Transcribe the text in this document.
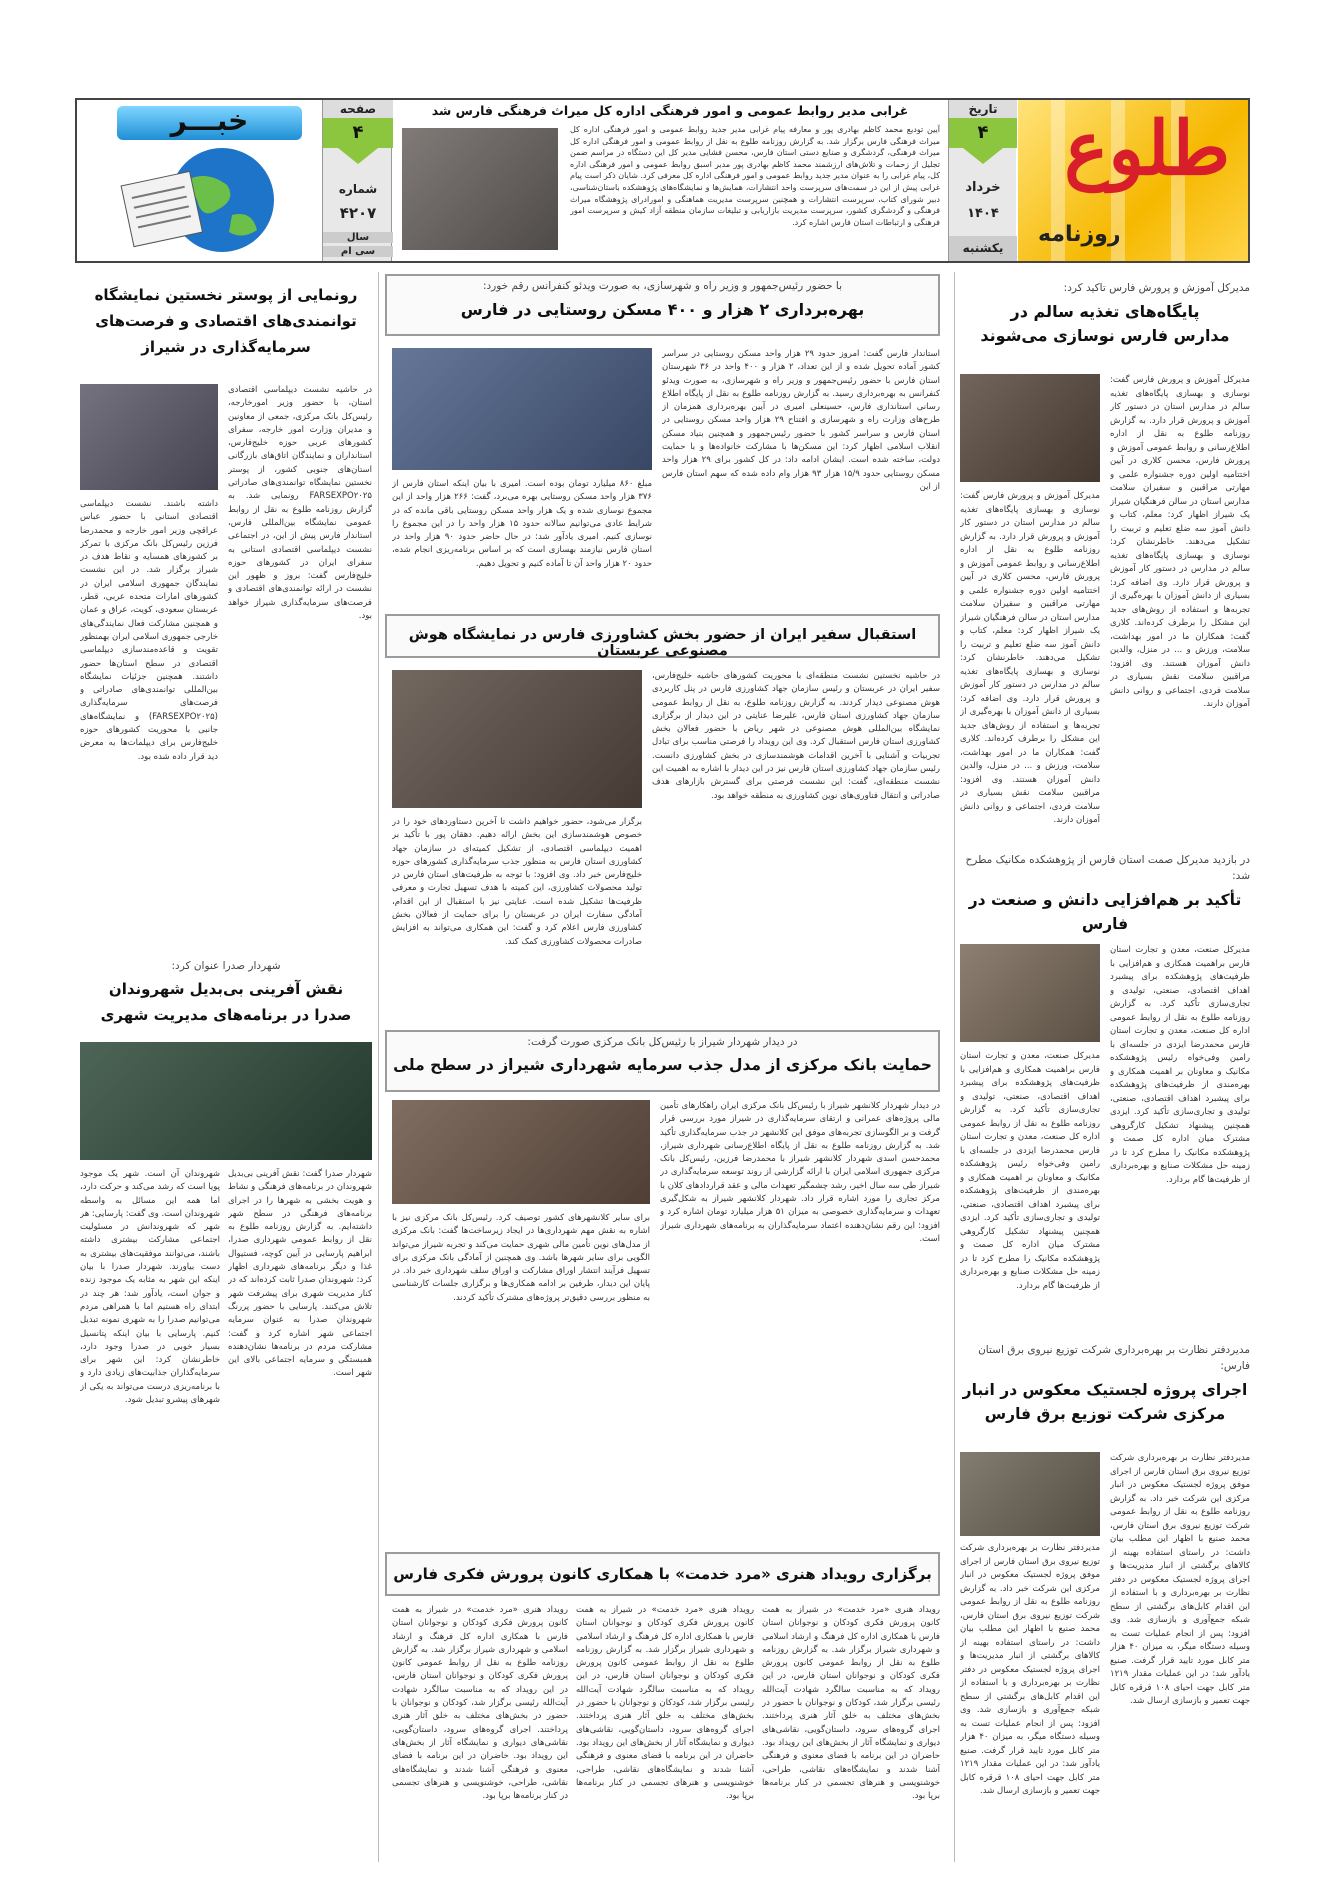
طلوع
روزنامه
تاریخ
۴
خرداد
۱۴۰۴
یکشنبه
غرابی مدیر روابط عمومی و امور فرهنگی اداره کل میراث فرهنگی فارس شد
آیین تودیع محمد کاظم بهادری پور و معارفه پیام غرابی مدیر جدید روابط عمومی و امور فرهنگی اداره کل میراث فرهنگی فارس برگزار شد. به گزارش روزنامه طلوع به نقل از روابط عمومی و امور فرهنگی اداره کل میراث فرهنگی، گردشگری و صنایع دستی استان فارس، محسن فشایی مدیر کل این دستگاه در مراسم ضمن تجلیل از زحمات و تلاش‌های ارزشمند محمد کاظم بهادری پور مدیر اسبق روابط عمومی و امور فرهنگی اداره کل، پیام غرابی را به عنوان مدیر جدید روابط عمومی و امور فرهنگی اداره کل معرفی کرد. شایان ذکر است پیام غرابی پیش از این در سمت‌های سرپرست واحد انتشارات، همایش‌ها و نمایشگاه‌های پژوهشکده باستان‌شناسی، دبیر شورای کتاب، سرپرست انتشارات و همچنین سرپرست مدیریت هماهنگی و امورادرای پژوهشگاه میراث فرهنگی و گردشگری کشور، سرپرست مدیریت بازاریابی و تبلیغات سازمان منطقه آزاد کیش و سرپرست امور فرهنگی و ارتباطات استان فارس اشاره کرد.
صفحه
۴
شماره
۴۲۰۷
سال
سی ام
خبـــر
مدیرکل آموزش و پرورش فارس تاکید کرد:
پایگاه‌های تغذیه سالم در مدارس فارس نوسازی می‌شوند
مدیرکل آموزش و پرورش فارس گفت: نوسازی و بهسازی پایگاه‌های تغذیه سالم در مدارس استان در دستور کار آموزش و پرورش قرار دارد. به گزارش روزنامه طلوع به نقل از اداره اطلاع‌رسانی و روابط عمومی آموزش و پرورش فارس، محسن کلاری در آیین اختتامیه اولین دوره جشنواره علمی و مهارتی مراقبین و سفیران سلامت مدارس استان در سالن فرهنگیان شیراز یک شیراز اظهار کرد: معلم، کتاب و دانش آموز سه ضلع تعلیم و تربیت را تشکیل می‌دهند. خاطرنشان کرد: نوسازی و بهسازی پایگاه‌های تغذیه سالم در مدارس در دستور کار آموزش و پرورش قرار دارد. وی اضافه کرد: بسیاری از دانش آموزان با بهره‌گیری از تجربه‌ها و استفاده از روش‌های جدید این مشکل را برطرف کرده‌اند. کلاری گفت: همکاران ما در امور بهداشت، سلامت، ورزش و ... در منزل، والدین دانش آموزان هستند. وی افزود: مراقبین سلامت نقش بسیاری در سلامت فردی، اجتماعی و روانی دانش آموزان دارند.
مدیرکل آموزش و پرورش فارس گفت: نوسازی و بهسازی پایگاه‌های تغذیه سالم در مدارس استان در دستور کار آموزش و پرورش قرار دارد. به گزارش روزنامه طلوع به نقل از اداره اطلاع‌رسانی و روابط عمومی آموزش و پرورش فارس، محسن کلاری در آیین اختتامیه اولین دوره جشنواره علمی و مهارتی مراقبین و سفیران سلامت مدارس استان در سالن فرهنگیان شیراز یک شیراز اظهار کرد: معلم، کتاب و دانش آموز سه ضلع تعلیم و تربیت را تشکیل می‌دهند. خاطرنشان کرد: نوسازی و بهسازی پایگاه‌های تغذیه سالم در مدارس در دستور کار آموزش و پرورش قرار دارد. وی اضافه کرد: بسیاری از دانش آموزان با بهره‌گیری از تجربه‌ها و استفاده از روش‌های جدید این مشکل را برطرف کرده‌اند. کلاری گفت: همکاران ما در امور بهداشت، سلامت، ورزش و ... در منزل، والدین دانش آموزان هستند. وی افزود: مراقبین سلامت نقش بسیاری در سلامت فردی، اجتماعی و روانی دانش آموزان دارند.
در بازدید مدیرکل صمت استان فارس از پژوهشکده مکانیک مطرح شد:
تأکید بر هم‌افزایی دانش و صنعت در فارس
مدیرکل صنعت، معدن و تجارت استان فارس براهمیت همکاری و هم‌افزایی با ظرفیت‌های پژوهشکده برای پیشبرد اهداف اقتصادی، صنعتی، تولیدی و تجاری‌سازی تأکید کرد. به گزارش روزنامه طلوع به نقل از روابط عمومی اداره کل صنعت، معدن و تجارت استان فارس محمدرضا ایزدی در جلسه‌ای با رامین وفی‌خواه رئیس پژوهشکده مکانیک و معاونان بر اهمیت همکاری و بهره‌مندی از ظرفیت‌های پژوهشکده برای پیشبرد اهداف اقتصادی، صنعتی، تولیدی و تجاری‌سازی تأکید کرد. ایزدی همچنین پیشنهاد تشکیل کارگروهی مشترک میان اداره کل صمت و پژوهشکده مکانیک را مطرح کرد تا در زمینه حل مشکلات صنایع و بهره‌برداری از ظرفیت‌ها گام بردارد.
مدیرکل صنعت، معدن و تجارت استان فارس براهمیت همکاری و هم‌افزایی با ظرفیت‌های پژوهشکده برای پیشبرد اهداف اقتصادی، صنعتی، تولیدی و تجاری‌سازی تأکید کرد. به گزارش روزنامه طلوع به نقل از روابط عمومی اداره کل صنعت، معدن و تجارت استان فارس محمدرضا ایزدی در جلسه‌ای با رامین وفی‌خواه رئیس پژوهشکده مکانیک و معاونان بر اهمیت همکاری و بهره‌مندی از ظرفیت‌های پژوهشکده برای پیشبرد اهداف اقتصادی، صنعتی، تولیدی و تجاری‌سازی تأکید کرد. ایزدی همچنین پیشنهاد تشکیل کارگروهی مشترک میان اداره کل صمت و پژوهشکده مکانیک را مطرح کرد تا در زمینه حل مشکلات صنایع و بهره‌برداری از ظرفیت‌ها گام بردارد.
مدیردفتر نظارت بر بهره‌برداری شرکت توزیع نیروی برق استان فارس:
اجرای پروژه لجستیک معکوس در انبار مرکزی شرکت توزیع برق فارس
مدیردفتر نظارت بر بهره‌برداری شرکت توزیع نیروی برق استان فارس از اجرای موفق پروژه لجستیک معکوس در انبار مرکزی این شرکت خبر داد. به گزارش روزنامه طلوع به نقل از روابط عمومی شرکت توزیع نیروی برق استان فارس، محمد صنیع با اظهار این مطلب بیان داشت: در راستای استفاده بهینه از کالاهای برگشتی از انبار مدیریت‌ها و اجرای پروژه لجستیک معکوس در دفتر نظارت بر بهره‌برداری و با استفاده از این اقدام کابل‌های برگشتی از سطح شبکه جمع‌آوری و بازسازی شد. وی افزود: پس از انجام عملیات تست به وسیله دستگاه میگر، به میزان ۴۰ هزار متر کابل مورد تایید قرار گرفت. صنیع یادآور شد: در این عملیات مقدار ۱۲۱۹ متر کابل جهت احیای ۱۰۸ قرقره کابل جهت تعمیر و بازسازی ارسال شد.
مدیردفتر نظارت بر بهره‌برداری شرکت توزیع نیروی برق استان فارس از اجرای موفق پروژه لجستیک معکوس در انبار مرکزی این شرکت خبر داد. به گزارش روزنامه طلوع به نقل از روابط عمومی شرکت توزیع نیروی برق استان فارس، محمد صنیع با اظهار این مطلب بیان داشت: در راستای استفاده بهینه از کالاهای برگشتی از انبار مدیریت‌ها و اجرای پروژه لجستیک معکوس در دفتر نظارت بر بهره‌برداری و با استفاده از این اقدام کابل‌های برگشتی از سطح شبکه جمع‌آوری و بازسازی شد. وی افزود: پس از انجام عملیات تست به وسیله دستگاه میگر، به میزان ۴۰ هزار متر کابل مورد تایید قرار گرفت. صنیع یادآور شد: در این عملیات مقدار ۱۲۱۹ متر کابل جهت احیای ۱۰۸ قرقره کابل جهت تعمیر و بازسازی ارسال شد.
با حضور رئیس‌جمهور و وزیر راه و شهرسازی، به صورت ویدئو کنفرانس رقم خورد:
بهره‌برداری ۲ هزار و ۴۰۰ مسکن روستایی در فارس
استاندار فارس گفت: امروز حدود ۲۹ هزار واحد مسکن روستایی در سراسر کشور آماده تحویل شده و از این تعداد، ۲ هزار و ۴۰۰ واحد در ۳۶ شهرستان استان فارس با حضور رئیس‌جمهور و وزیر راه و شهرسازی، به صورت ویدئو کنفرانس به بهره‌برداری رسید. به گزارش روزنامه طلوع به نقل از پایگاه اطلاع رسانی استانداری فارس، حسینعلی امیری در آیین بهره‌برداری همزمان از طرح‌های وزارت راه و شهرسازی و افتتاح ۲۹ هزار واحد مسکن روستایی در استان فارس و سراسر کشور با حضور رئیس‌جمهور و همچنین بنیاد مسکن انقلاب اسلامی اظهار کرد: این مسکن‌ها با مشارکت خانواده‌ها و با حمایت دولت، ساخته شده است. ایشان ادامه داد: در کل کشور برای ۲۹ هزار واحد مسکن روستایی حدود ۱۵/۹ هزار ۹۳ هزار وام داده شده که سهم استان فارس از این
مبلغ ۸۶۰ میلیارد تومان بوده است. امیری با بیان اینکه استان فارس از ۳۷۶ هزار واحد مسکن روستایی بهره می‌برد، گفت: ۲۶۶ هزار واحد از این مجموع نوسازی شده و یک هزار واحد مسکن روستایی باقی مانده که در شرایط عادی می‌توانیم سالانه حدود ۱۵ هزار واحد را در این مجموع را نوسازی کنیم. امیری یادآور شد: در حال حاضر حدود ۹۰ هزار واحد در استان فارس نیازمند بهسازی است که بر اساس برنامه‌ریزی انجام شده، حدود ۲۰ هزار واحد آن تا آماده کنیم و تحویل دهیم.
استقبال سفیر ایران از حضور بخش کشاورزی فارس در نمایشگاه هوش مصنوعی عربستان
در حاشیه نخستین نشست منطقه‌ای با محوریت کشورهای حاشیه خلیج‌فارس، سفیر ایران در عربستان و رئیس سازمان جهاد کشاورزی فارس در پنل کاربردی هوش مصنوعی دیدار کردند. به گزارش روزنامه طلوع، به نقل از روابط عمومی سازمان جهاد کشاورزی استان فارس، علیرضا عنایتی در این دیدار از برگزاری نمایشگاه بین‌المللی هوش مصنوعی در شهر ریاض با حضور فعالان بخش کشاورزی استان فارس استقبال کرد. وی این رویداد را فرصتی مناسب برای تبادل تجربیات و آشنایی با آخرین اقدامات هوشمندسازی در بخش کشاورزی دانست. رئیس سازمان جهاد کشاورزی استان فارس نیز در این دیدار با اشاره به اهمیت این نشست منطقه‌ای، گفت: این نشست فرصتی برای گسترش بازارهای هدف صادراتی و انتقال فناوری‌های نوین کشاورزی به منطقه خواهد بود.
برگزار می‌شود، حضور خواهیم داشت تا آخرین دستاوردهای خود را در خصوص هوشمندسازی این بخش ارائه دهیم. دهقان پور با تأکید بر اهمیت دیپلماسی اقتصادی، از تشکیل کمیته‌ای در سازمان جهاد کشاورزی استان فارس به منظور جذب سرمایه‌گذاری کشورهای حوزه خلیج‌فارس خبر داد. وی افزود: با توجه به ظرفیت‌های استان فارس در تولید محصولات کشاورزی، این کمیته با هدف تسهیل تجارت و معرفی ظرفیت‌ها تشکیل شده است. عنایتی نیز با استقبال از این اقدام، آمادگی سفارت ایران در عربستان را برای حمایت از فعالان بخش کشاورزی فارس اعلام کرد و گفت: این همکاری می‌تواند به افزایش صادرات محصولات کشاورزی کمک کند.
در دیدار شهردار شیراز با رئیس‌کل بانک مرکزی صورت گرفت:
حمایت بانک مرکزی از مدل جذب سرمایه شهرداری شیراز در سطح ملی
در دیدار شهردار کلانشهر شیراز با رئیس‌کل بانک مرکزی ایران راهکارهای تأمین مالی پروژه‌های عمرانی و ارتقای سرمایه‌گذاری در شیراز مورد بررسی قرار گرفت و بر الگوسازی تجربه‌های موفق این کلانشهر در جذب سرمایه‌گذاری تأکید شد. به گزارش روزنامه طلوع به نقل از پایگاه اطلاع‌رسانی شهرداری شیراز، محمدحسن اسدی شهردار کلانشهر شیراز با محمدرضا فرزین، رئیس‌کل بانک مرکزی جمهوری اسلامی ایران با ارائه گزارشی از روند توسعه سرمایه‌گذاری در شیراز طی سه سال اخیر، رشد چشمگیر تعهدات مالی و عقد قراردادهای کلان با مرکز تجاری را مورد اشاره قرار داد. شهردار کلانشهر شیراز به شکل‌گیری تعهدات و سرمایه‌گذاری خصوصی به میزان ۵۱ هزار میلیارد تومان اشاره کرد و افزود: این رقم نشان‌دهنده اعتماد سرمایه‌گذاران به برنامه‌های شهرداری شیراز است.
برای سایر کلانشهرهای کشور توصیف کرد. رئیس‌کل بانک مرکزی نیز با اشاره به نقش مهم شهرداری‌ها در ایجاد زیرساخت‌ها گفت: بانک مرکزی از مدل‌های نوین تأمین مالی شهری حمایت می‌کند و تجربه شیراز می‌تواند الگویی برای سایر شهرها باشد. وی همچنین از آمادگی بانک مرکزی برای تسهیل فرآیند انتشار اوراق مشارکت و اوراق سلف شهرداری خبر داد. در پایان این دیدار، طرفین بر ادامه همکاری‌ها و برگزاری جلسات کارشناسی به منظور بررسی دقیق‌تر پروژه‌های مشترک تأکید کردند.
برگزاری رویداد هنری «مرد خدمت» با همکاری کانون پرورش فکری فارس
رویداد هنری «مرد خدمت» در شیراز به همت کانون پرورش فکری کودکان و نوجوانان استان فارس با همکاری اداره کل فرهنگ و ارشاد اسلامی و شهرداری شیراز برگزار شد. به گزارش روزنامه طلوع به نقل از روابط عمومی کانون پرورش فکری کودکان و نوجوانان استان فارس، در این رویداد که به مناسبت سالگرد شهادت آیت‌الله رئیسی برگزار شد، کودکان و نوجوانان با حضور در بخش‌های مختلف به خلق آثار هنری پرداختند. اجرای گروه‌های سرود، داستان‌گویی، نقاشی‌های دیواری و نمایشگاه آثار از بخش‌های این رویداد بود. حاضران در این برنامه با فضای معنوی و فرهنگی آشنا شدند و نمایشگاه‌های نقاشی، طراحی، خوشنویسی و هنرهای تجسمی در کنار برنامه‌ها برپا بود.
رویداد هنری «مرد خدمت» در شیراز به همت کانون پرورش فکری کودکان و نوجوانان استان فارس با همکاری اداره کل فرهنگ و ارشاد اسلامی و شهرداری شیراز برگزار شد. به گزارش روزنامه طلوع به نقل از روابط عمومی کانون پرورش فکری کودکان و نوجوانان استان فارس، در این رویداد که به مناسبت سالگرد شهادت آیت‌الله رئیسی برگزار شد، کودکان و نوجوانان با حضور در بخش‌های مختلف به خلق آثار هنری پرداختند. اجرای گروه‌های سرود، داستان‌گویی، نقاشی‌های دیواری و نمایشگاه آثار از بخش‌های این رویداد بود. حاضران در این برنامه با فضای معنوی و فرهنگی آشنا شدند و نمایشگاه‌های نقاشی، طراحی، خوشنویسی و هنرهای تجسمی در کنار برنامه‌ها برپا بود.
رویداد هنری «مرد خدمت» در شیراز به همت کانون پرورش فکری کودکان و نوجوانان استان فارس با همکاری اداره کل فرهنگ و ارشاد اسلامی و شهرداری شیراز برگزار شد. به گزارش روزنامه طلوع به نقل از روابط عمومی کانون پرورش فکری کودکان و نوجوانان استان فارس، در این رویداد که به مناسبت سالگرد شهادت آیت‌الله رئیسی برگزار شد، کودکان و نوجوانان با حضور در بخش‌های مختلف به خلق آثار هنری پرداختند. اجرای گروه‌های سرود، داستان‌گویی، نقاشی‌های دیواری و نمایشگاه آثار از بخش‌های این رویداد بود. حاضران در این برنامه با فضای معنوی و فرهنگی آشنا شدند و نمایشگاه‌های نقاشی، طراحی، خوشنویسی و هنرهای تجسمی در کنار برنامه‌ها برپا بود.
رونمایی از پوستر نخستین نمایشگاه توانمندی‌های اقتصادی و فرصت‌های سرمایه‌گذاری در شیراز
در حاشیه نشست دیپلماسی اقتصادی استان، با حضور وزیر امورخارجه، رئیس‌کل بانک مرکزی، جمعی از معاونین و مدیران وزارت امور خارجه، سفرای کشورهای عربی حوزه خلیج‌فارس، استانداران و نمایندگان اتاق‌های بازرگانی استان‌های جنوبی کشور، از پوستر نخستین نمایشگاه توانمندی‌های صادراتی FARSEXPO۲۰۲۵ رونمایی شد. به گزارش روزنامه طلوع به نقل از روابط عمومی نمایشگاه بین‌المللی فارس، استاندار فارس پیش از این، در اجتماعی نشست دیپلماسی اقتصادی استانی به سفرای ایران در کشورهای حوزه خلیج‌فارس گفت: بروز و ظهور این نشست در ارائه توانمندی‌های اقتصادی و فرصت‌های سرمایه‌گذاری شیراز خواهد بود.
داشته باشند. نشست دیپلماسی اقتصادی استانی با حضور عباس عراقچی وزیر امور خارجه و محمدرضا فرزین رئیس‌کل بانک مرکزی با تمرکز بر کشورهای همسایه و نقاط هدف در شیراز برگزار شد. در این نشست نمایندگان جمهوری اسلامی ایران در کشورهای امارات متحده عربی، قطر، عربستان سعودی، کویت، عراق و عمان و همچنین مشارکت فعال نمایندگی‌های خارجی جمهوری اسلامی ایران بهمنظور تقویت و قاعده‌مندسازی دیپلماسی اقتصادی در سطح استان‌ها حضور داشتند. همچنین جزئیات نمایشگاه بین‌المللی توانمندی‌های صادراتی و فرصت‌های سرمایه‌گذاری (FARSEXPO۲۰۲۵) و نمایشگاه‌های جانبی با محوریت کشورهای حوزه خلیج‌فارس برای دیپلمات‌ها به معرض دید قرار داده شده بود.
شهردار صدرا عنوان کرد:
نقش آفرینی بی‌بدیل شهروندان صدرا در برنامه‌های مدیریت شهری
شهردار صدرا گفت: نقش آفرینی بی‌بدیل شهروندان در برنامه‌های فرهنگی و نشاط و هویت بخشی به شهرها را در اجرای برنامه‌های فرهنگی در سطح شهر داشته‌ایم. به گزارش روزنامه طلوع به نقل از روابط عمومی شهرداری صدرا، ابراهیم پارسایی در آیین کوچه، فستیوال غذا و دیگر برنامه‌های شهرداری اظهار کرد: شهروندان صدرا ثابت کرده‌اند که در کنار مدیریت شهری برای پیشرفت شهر تلاش می‌کنند. پارسایی با حضور پررنگ شهروندان صدرا به عنوان سرمایه اجتماعی شهر اشاره کرد و گفت: مشارکت مردم در برنامه‌ها نشان‌دهنده همبستگی و سرمایه اجتماعی بالای این شهر است.
شهروندان آن است. شهر یک موجود پویا است که رشد می‌کند و حرکت دارد، اما همه این مسائل به واسطه شهروندان است. وی گفت: پارسایی: هر شهر که شهروندانش در مسئولیت اجتماعی مشارکت بیشتری داشته باشند، می‌توانند موفقیت‌های بیشتری به دست بیاورند. شهردار صدرا با بیان اینکه این شهر به مثابه یک موجود زنده و جوان است، یادآور شد: هر چند در ابتدای راه هستیم اما با همراهی مردم می‌توانیم صدرا را به شهری نمونه تبدیل کنیم. پارسایی با بیان اینکه پتانسیل بسیار خوبی در صدرا وجود دارد، خاطرنشان کرد: این شهر برای سرمایه‌گذاران جذابیت‌های زیادی دارد و با برنامه‌ریزی درست می‌تواند به یکی از شهرهای پیشرو تبدیل شود.
